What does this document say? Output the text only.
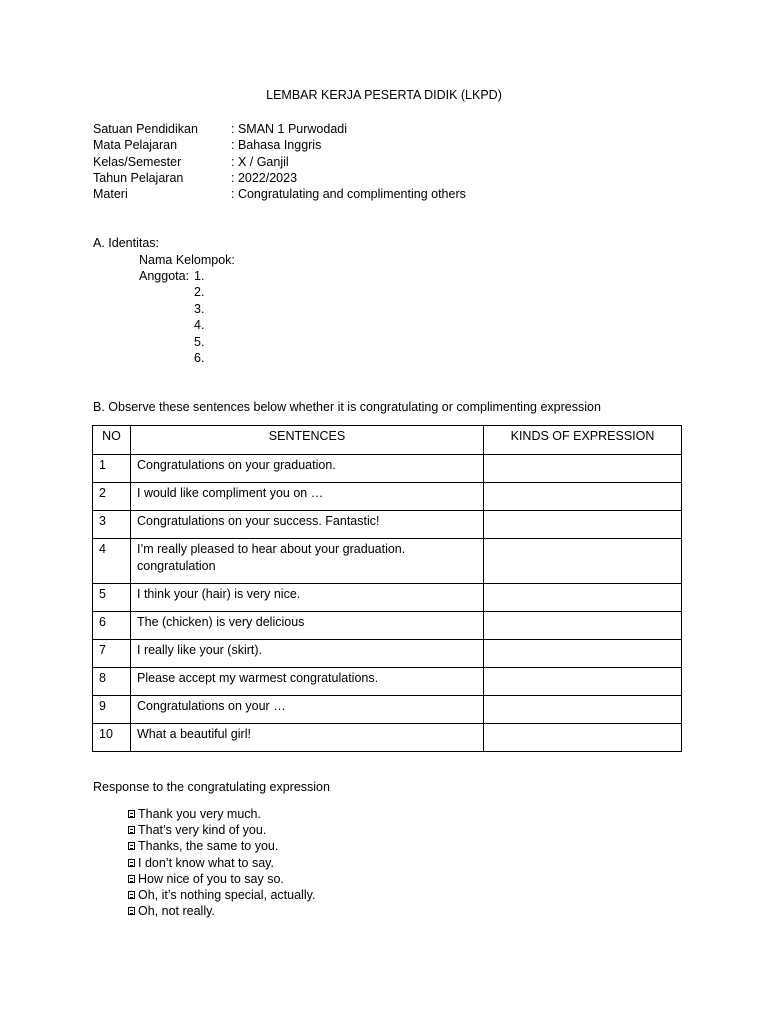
LEMBAR KERJA PESERTA DIDIK (LKPD)
Satuan Pendidikan	: SMAN 1 Purwodadi
Mata Pelajaran	: Bahasa Inggris
Kelas/Semester	: X / Ganjil
Tahun Pelajaran	: 2022/2023
Materi	: Congratulating and complimenting others
A. Identitas:
Nama Kelompok:
Anggota: 1.
2.
3.
4.
5.
6.
B. Observe these sentences below whether it is congratulating or complimenting expression
NO	SENTENCES	KINDS OF EXPRESSION
1	Congratulations on your graduation.	
2	I would like compliment you on …	
3	Congratulations on your success. Fantastic!	
4	I’m really pleased to hear about your graduation.
congratulation	

5	I think your (hair) is very nice.	
6	The (chicken) is very delicious	
7	I really like your (skirt).	
8	Please accept my warmest congratulations.	
9	Congratulations on your …	
10	What a beautiful girl!	
Response to the congratulating expression
Thank you very much.
That’s very kind of you.
Thanks, the same to you.
I don’t know what to say.
How nice of you to say so.
Oh, it’s nothing special, actually.
Oh, not really.
